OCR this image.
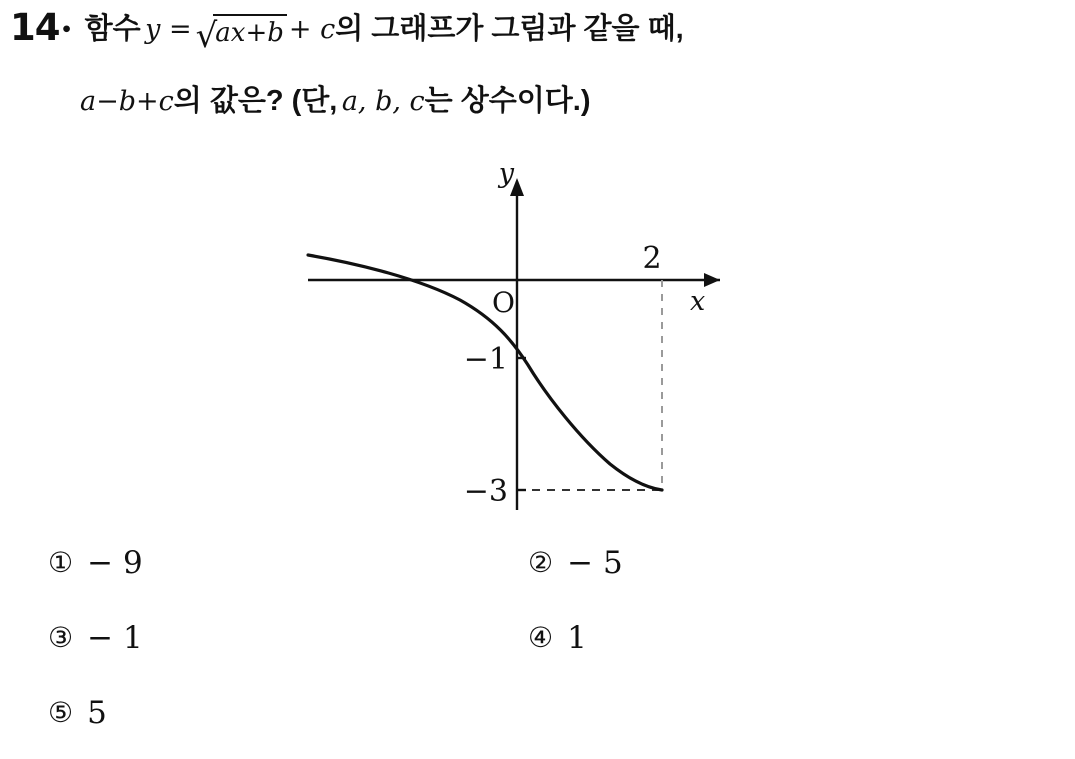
14• 함수 y = √ax+b + c의 그래프가 그림과 같을 때,
a−b+c의 값은? (단, a, b, c는 상수이다.)
y
x
O
2
−1
−3
① − 9	② − 5
③ − 1	④ 1
⑤ 5
